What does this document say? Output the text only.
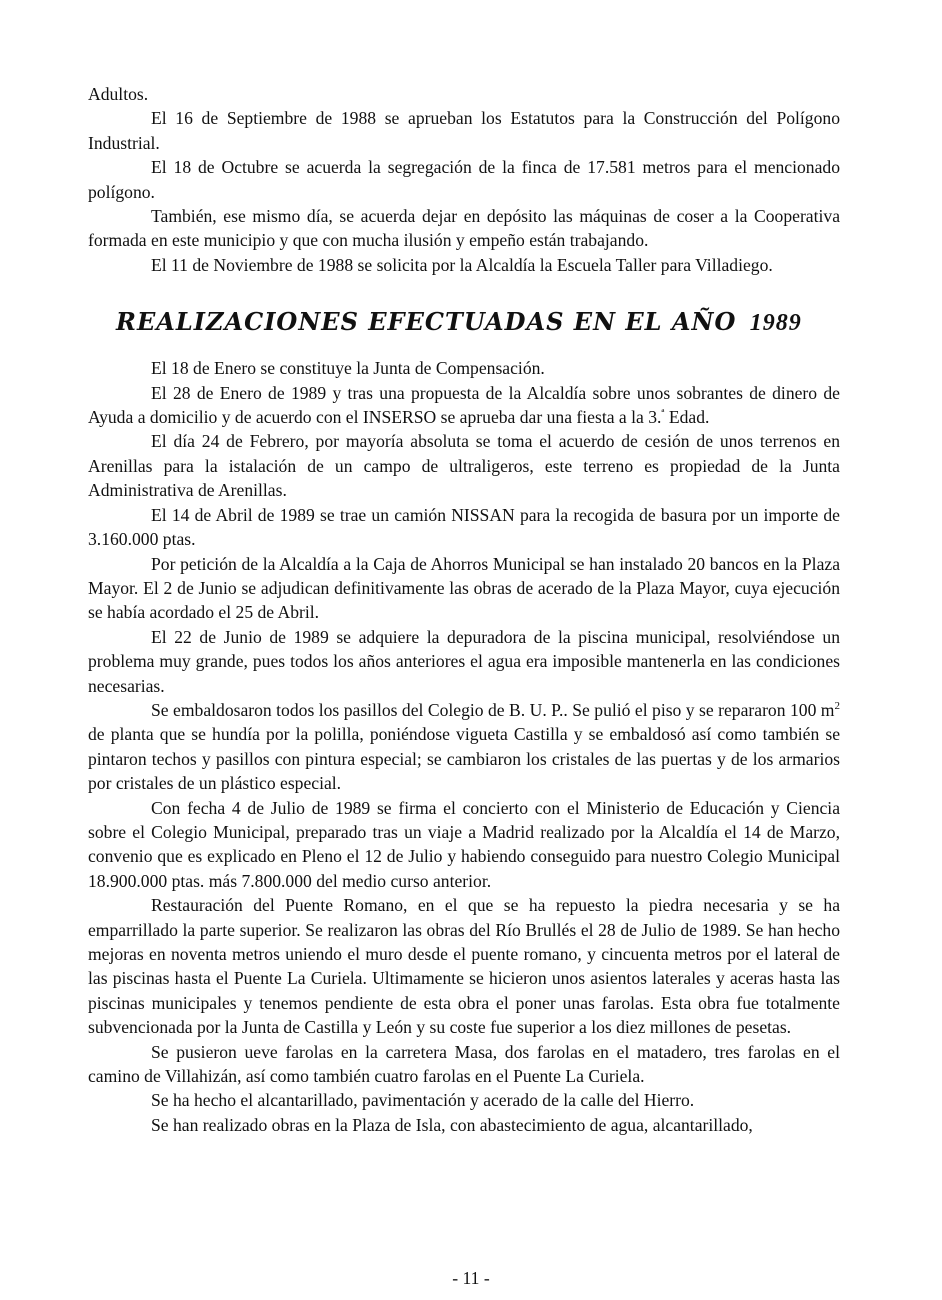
Adultos.

El 16 de Septiembre de 1988 se aprueban los Estatutos para la Construcción del Polígono Industrial.

El 18 de Octubre se acuerda la segregación de la finca de 17.581 metros para el mencionado polígono.

También, ese mismo día, se acuerda dejar en depósito las máquinas de coser a la Cooperativa formada en este municipio y que con mucha ilusión y empeño están trabajando.

El 11 de Noviembre de 1988 se solicita por la Alcaldía la Escuela Taller para Villadiego.

REALIZACIONES EFECTUADAS EN EL AÑO 1989

El 18 de Enero se constituye la Junta de Compensación.

El 28 de Enero de 1989 y tras una propuesta de la Alcaldía sobre unos sobrantes de dinero de Ayuda a domicilio y de acuerdo con el INSERSO se aprueba dar una fiesta a la 3.$^ª$ Edad.

El día 24 de Febrero, por mayoría absoluta se toma el acuerdo de cesión de unos terrenos en Arenillas para la istalación de un campo de ultraligeros, este terreno es propiedad de la Junta Administrativa de Arenillas.

El 14 de Abril de 1989 se trae un camión NISSAN para la recogida de basura por un importe de 3.160.000 ptas.

Por petición de la Alcaldía a la Caja de Ahorros Municipal se han instalado 20 bancos en la Plaza Mayor. El 2 de Junio se adjudican definitivamente las obras de acerado de la Plaza Mayor, cuya ejecución se había acordado el 25 de Abril.

El 22 de Junio de 1989 se adquiere la depuradora de la piscina municipal, resolviéndose un problema muy grande, pues todos los años anteriores el agua era imposible mantenerla en las condiciones necesarias.

Se embaldosaron todos los pasillos del Colegio de B. U. P.. Se pulió el piso y se repararon 100 $m^2$ de planta que se hundía por la polilla, poniéndose vigueta Castilla y se embaldosó así como también se pintaron techos y pasillos con pintura especial; se cambiaron los cristales de las puertas y de los armarios por cristales de un plástico especial.

Con fecha 4 de Julio de 1989 se firma el concierto con el Ministerio de Educación y Ciencia sobre el Colegio Municipal, preparado tras un viaje a Madrid realizado por la Alcaldía el 14 de Marzo, convenio que es explicado en Pleno el 12 de Julio y habiendo conseguido para nuestro Colegio Municipal 18.900.000 ptas. más 7.800.000 del medio curso anterior.

Restauración del Puente Romano, en el que se ha repuesto la piedra necesaria y se ha emparrillado la parte superior. Se realizaron las obras del Río Brullés el 28 de Julio de 1989. Se han hecho mejoras en noventa metros uniendo el muro desde el puente romano, y cincuenta metros por el lateral de las piscinas hasta el Puente La Curiela. Ultimamente se hicieron unos asientos laterales y aceras hasta las piscinas municipales y tenemos pendiente de esta obra el poner unas farolas. Esta obra fue totalmente subvencionada por la Junta de Castilla y León y su coste fue superior a los diez millones de pesetas.

Se pusieron ueve farolas en la carretera Masa, dos farolas en el matadero, tres farolas en el camino de Villahizán, así como también cuatro farolas en el Puente La Curiela.

Se ha hecho el alcantarillado, pavimentación y acerado de la calle del Hierro.

Se han realizado obras en la Plaza de Isla, con abastecimiento de agua, alcantarillado,

- 11 -
